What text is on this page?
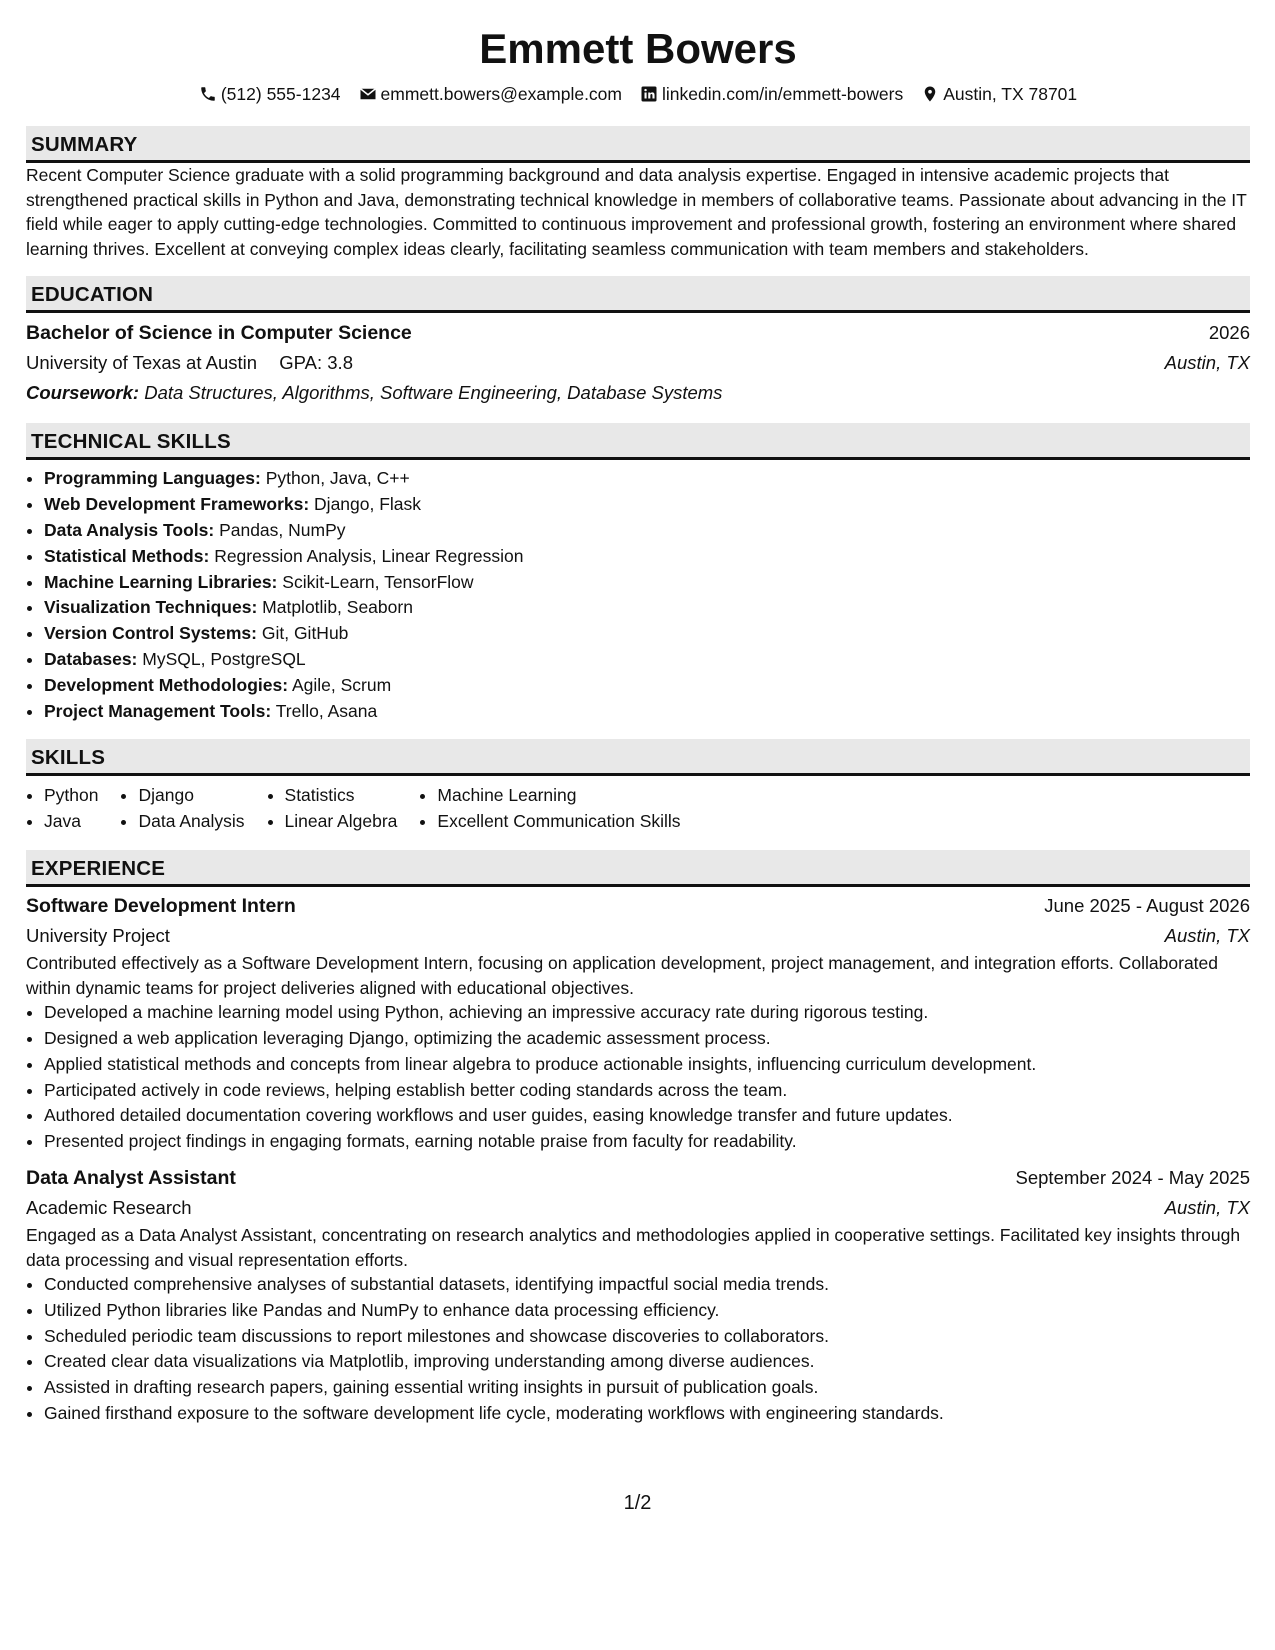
Emmett Bowers
(512) 555-1234 emmett.bowers@example.com linkedin.com/in/emmett-bowers Austin, TX 78701
SUMMARY

Recent Computer Science graduate with a solid programming background and data analysis expertise. Engaged in intensive academic projects that strengthened practical skills in Python and Java, demonstrating technical knowledge in members of collaborative teams. Passionate about advancing in the IT field while eager to apply cutting-edge technologies. Committed to continuous improvement and professional growth, fostering an environment where shared learning thrives. Excellent at conveying complex ideas clearly, facilitating seamless communication with team members and stakeholders.

EDUCATION
Bachelor of Science in Computer Science	2026
University of Texas at Austin GPA: 3.8	Austin, TX
Coursework: Data Structures, Algorithms, Software Engineering, Database Systems
TECHNICAL SKILLS
• Programming Languages: Python, Java, C++
• Web Development Frameworks: Django, Flask
• Data Analysis Tools: Pandas, NumPy
• Statistical Methods: Regression Analysis, Linear Regression
• Machine Learning Libraries: Scikit-Learn, TensorFlow
• Visualization Techniques: Matplotlib, Seaborn
• Version Control Systems: Git, GitHub
• Databases: MySQL, PostgreSQL
• Development Methodologies: Agile, Scrum
• Project Management Tools: Trello, Asana
SKILLS
• Python
• Java
• Django
• Data Analysis
• Statistics
• Linear Algebra
• Machine Learning
• Excellent Communication Skills
EXPERIENCE
Software Development Intern	June 2025 - August 2026
University Project	Austin, TX

Contributed effectively as a Software Development Intern, focusing on application development, project management, and integration efforts. Collaborated within dynamic teams for project deliveries aligned with educational objectives.

• Developed a machine learning model using Python, achieving an impressive accuracy rate during rigorous testing.
• Designed a web application leveraging Django, optimizing the academic assessment process.
• Applied statistical methods and concepts from linear algebra to produce actionable insights, influencing curriculum development.
• Participated actively in code reviews, helping establish better coding standards across the team.
• Authored detailed documentation covering workflows and user guides, easing knowledge transfer and future updates.
• Presented project findings in engaging formats, earning notable praise from faculty for readability.
Data Analyst Assistant	September 2024 - May 2025
Academic Research	Austin, TX

Engaged as a Data Analyst Assistant, concentrating on research analytics and methodologies applied in cooperative settings. Facilitated key insights through data processing and visual representation efforts.

• Conducted comprehensive analyses of substantial datasets, identifying impactful social media trends.
• Utilized Python libraries like Pandas and NumPy to enhance data processing efficiency.
• Scheduled periodic team discussions to report milestones and showcase discoveries to collaborators.
• Created clear data visualizations via Matplotlib, improving understanding among diverse audiences.
• Assisted in drafting research papers, gaining essential writing insights in pursuit of publication goals.
• Gained firsthand exposure to the software development life cycle, moderating workflows with engineering standards.
1/2
